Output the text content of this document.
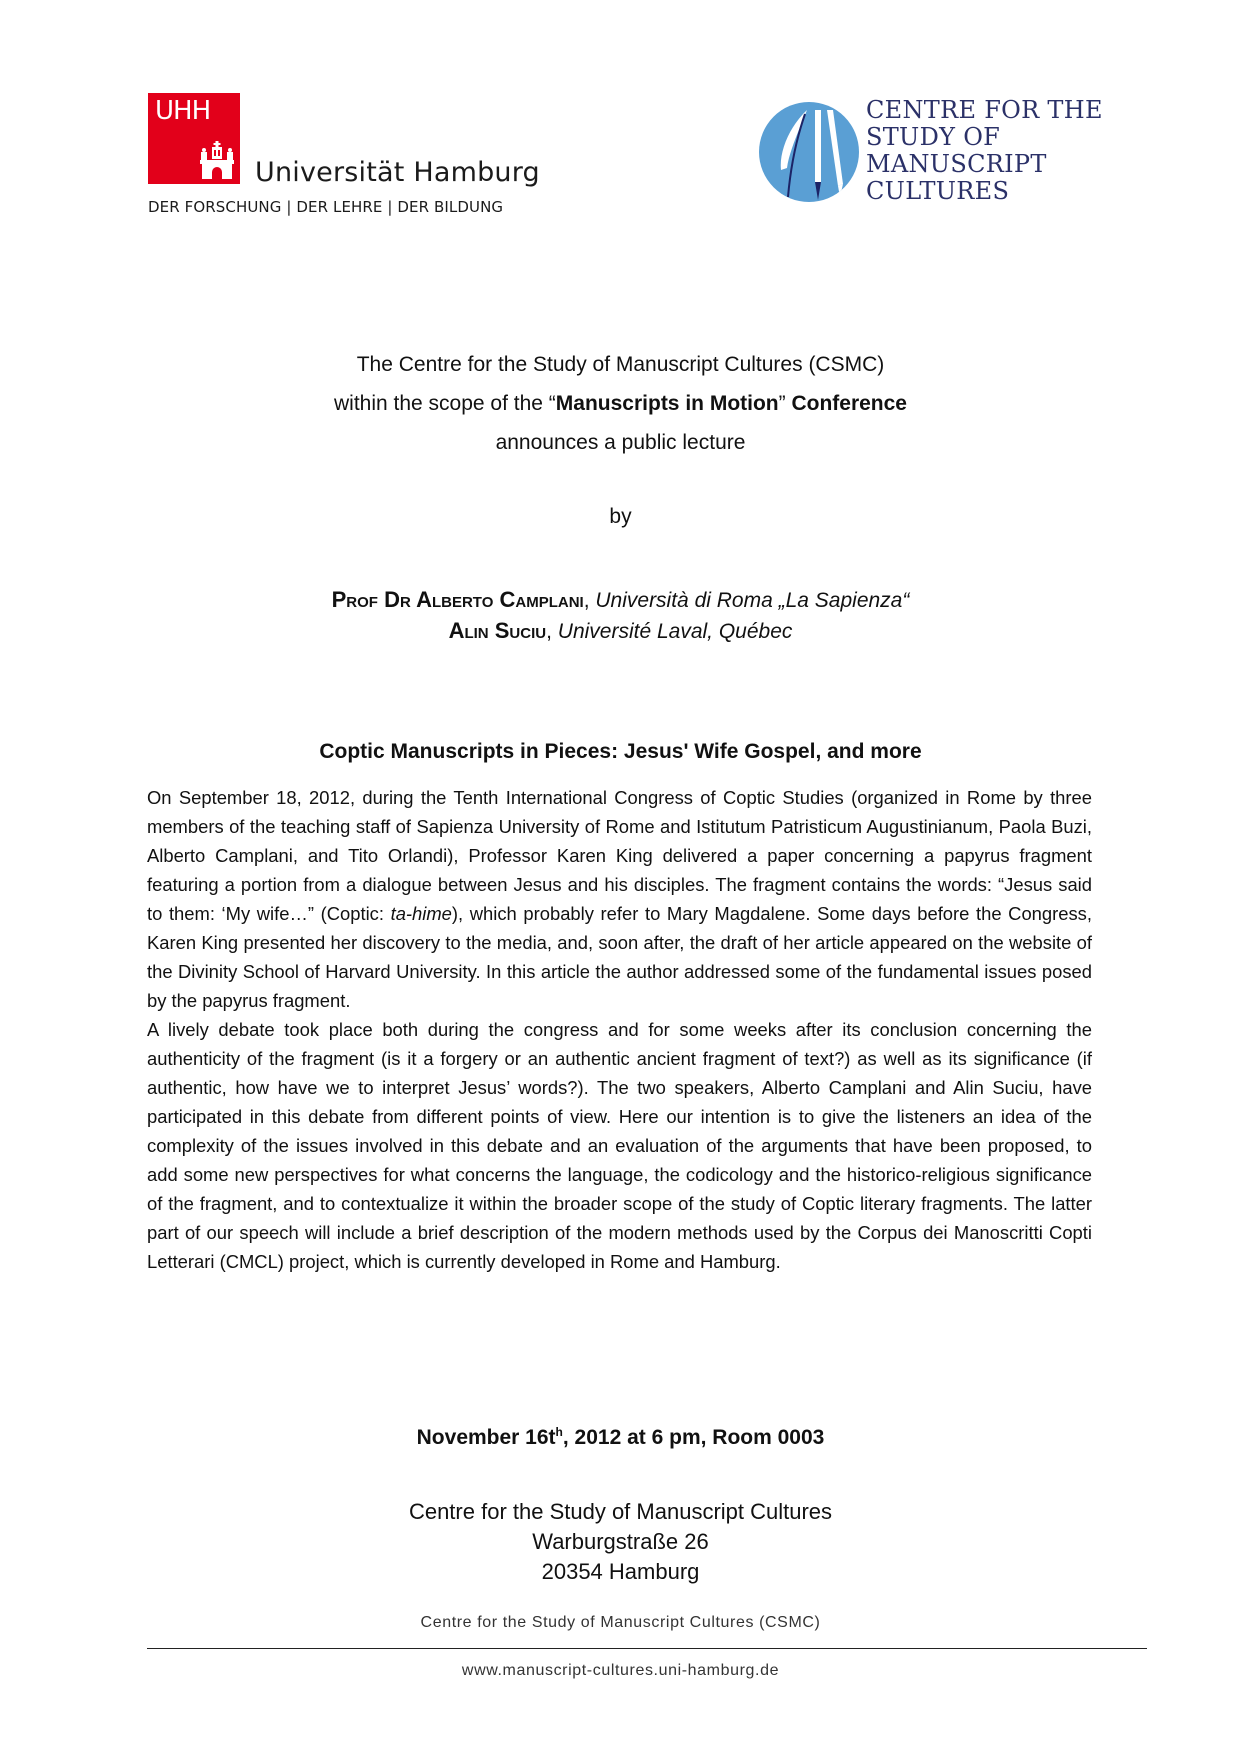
UHH
Universität Hamburg
DER FORSCHUNG | DER LEHRE | DER BILDUNG
CENTRE FOR THE
STUDY OF
MANUSCRIPT
CULTURES
The Centre for the Study of Manuscript Cultures (CSMC)
within the scope of the “Manuscripts in Motion” Conference
announces a public lecture
by
Prof Dr Alberto Camplani, Università di Roma „La Sapienza“
Alin Suciu, Université Laval, Québec
Coptic Manuscripts in Pieces: Jesus' Wife Gospel, and more

On September 18, 2012, during the Tenth International Congress of Coptic Studies (organized in Rome by three members of the teaching staff of Sapienza University of Rome and Istitutum Patristicum Augustinianum, Paola Buzi, Alberto Camplani, and Tito Orlandi), Professor Karen King delivered a paper concerning a papyrus fragment featuring a portion from a dialogue between Jesus and his disciples. The fragment contains the words: “Jesus said to them: ‘My wife…” (Coptic: ta-hime), which probably refer to Mary Magdalene. Some days before the Congress, Karen King presented her discovery to the media, and, soon after, the draft of her article appeared on the website of the Divinity School of Harvard University. In this article the author addressed some of the fundamental issues posed by the papyrus fragment.

A lively debate took place both during the congress and for some weeks after its conclusion concerning the authenticity of the fragment (is it a forgery or an authentic ancient fragment of text?) as well as its significance (if authentic, how have we to interpret Jesus’ words?). The two speakers, Alberto Camplani and Alin Suciu, have participated in this debate from different points of view. Here our intention is to give the listeners an idea of the complexity of the issues involved in this debate and an evaluation of the arguments that have been proposed, to add some new perspectives for what concerns the language, the codicology and the historico-religious significance of the fragment, and to contextualize it within the broader scope of the study of Coptic literary fragments. The latter part of our speech will include a brief description of the modern methods used by the Corpus dei Manoscritti Copti Letterari (CMCL) project, which is currently developed in Rome and Hamburg.

November $16t^h$, 2012 at 6 pm, Room 0003
Centre for the Study of Manuscript Cultures
Warburgstraße 26
20354 Hamburg
Centre for the Study of Manuscript Cultures (CSMC)
www.manuscript-cultures.uni-hamburg.de
